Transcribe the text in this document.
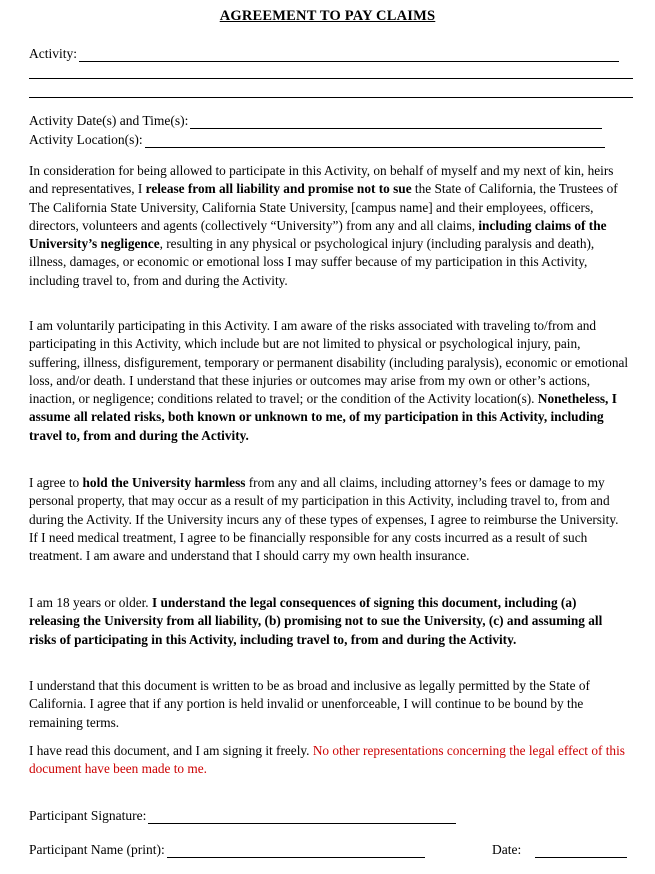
AGREEMENT TO PAY CLAIMS
Activity:
Activity Date(s) and Time(s):
Activity Location(s):

In consideration for being allowed to participate in this Activity, on behalf of myself and my next of kin, heirs and representatives, I release from all liability and promise not to sue the State of California, the Trustees of The California State University, California State University, [campus name] and their employees, officers, directors, volunteers and agents (collectively “University”) from any and all claims, including claims of the University’s negligence, resulting in any physical or psychological injury (including paralysis and death), illness, damages, or economic or emotional loss I may suffer because of my participation in this Activity, including travel to, from and during the Activity.

I am voluntarily participating in this Activity. I am aware of the risks associated with traveling to/from and participating in this Activity, which include but are not limited to physical or psychological injury, pain, suffering, illness, disfigurement, temporary or permanent disability (including paralysis), economic or emotional loss, and/or death. I understand that these injuries or outcomes may arise from my own or other’s actions, inaction, or negligence; conditions related to travel; or the condition of the Activity location(s). Nonetheless, I assume all related risks, both known or unknown to me, of my participation in this Activity, including travel to, from and during the Activity.

I agree to hold the University harmless from any and all claims, including attorney’s fees or damage to my personal property, that may occur as a result of my participation in this Activity, including travel to, from and during the Activity. If the University incurs any of these types of expenses, I agree to reimburse the University. If I need medical treatment, I agree to be financially responsible for any costs incurred as a result of such treatment. I am aware and understand that I should carry my own health insurance.

I am 18 years or older. I understand the legal consequences of signing this document, including (a) releasing the University from all liability, (b) promising not to sue the University, (c) and assuming all risks of participating in this Activity, including travel to, from and during the Activity.

I understand that this document is written to be as broad and inclusive as legally permitted by the State of California. I agree that if any portion is held invalid or unenforceable, I will continue to be bound by the remaining terms.

I have read this document, and I am signing it freely. No other representations concerning the legal effect of this document have been made to me.

Participant Signature:
Participant Name (print):	Date:
